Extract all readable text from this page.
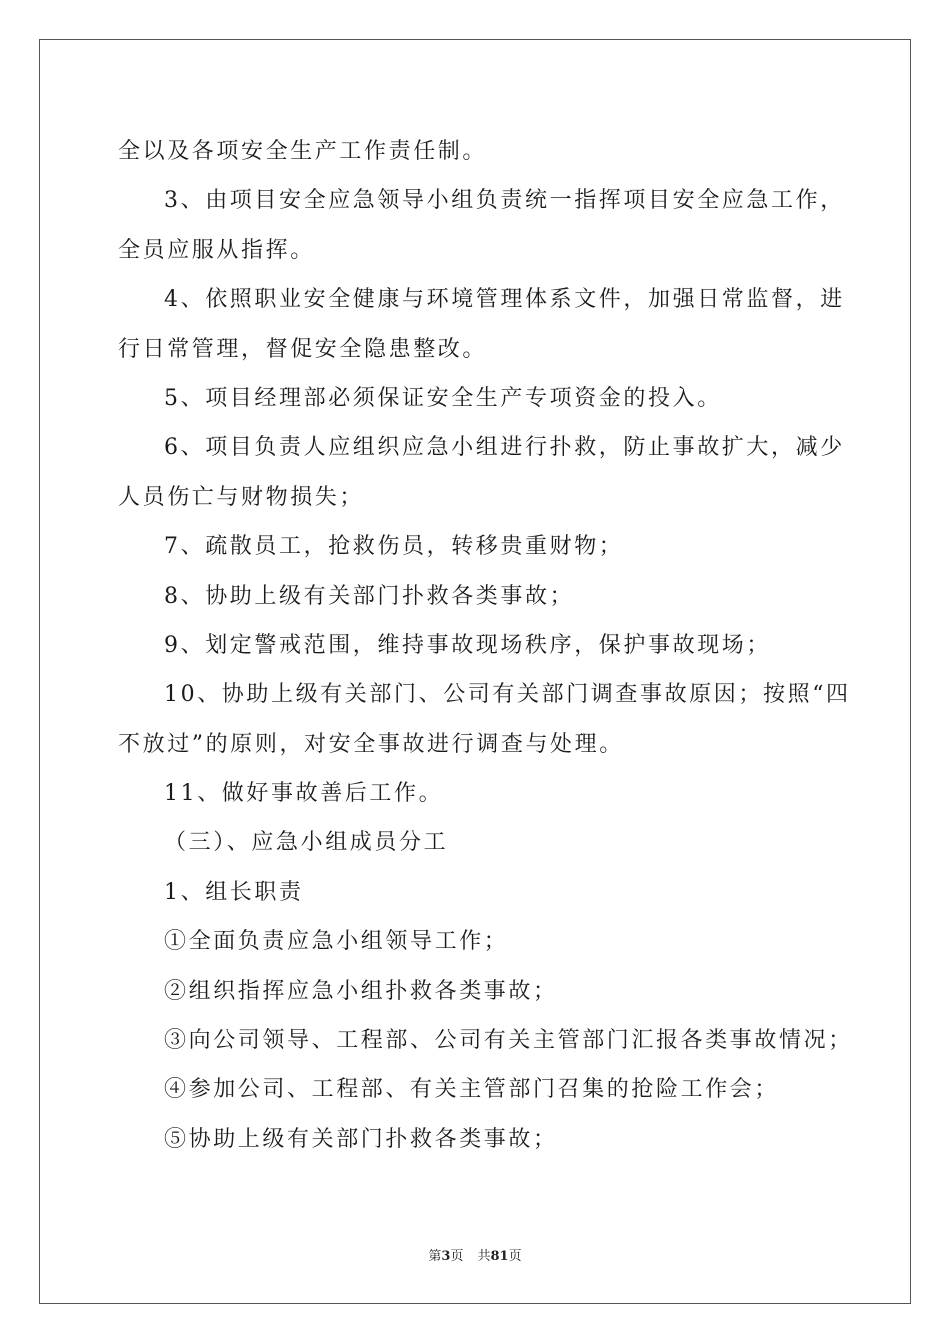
全以及各项安全生产工作责任制。
3、由项目安全应急领导小组负责统一指挥项目安全应急工作，
全员应服从指挥。
4、依照职业安全健康与环境管理体系文件，加强日常监督，进
行日常管理，督促安全隐患整改。
5、项目经理部必须保证安全生产专项资金的投入。
6、项目负责人应组织应急小组进行扑救，防止事故扩大，减少
人员伤亡与财物损失；
7、疏散员工，抢救伤员，转移贵重财物；
8、协助上级有关部门扑救各类事故；
9、划定警戒范围，维持事故现场秩序，保护事故现场；
10、协助上级有关部门、公司有关部门调查事故原因；按照“四
不放过”的原则，对安全事故进行调查与处理。
11、做好事故善后工作。
（三）、应急小组成员分工
1、组长职责
①全面负责应急小组领导工作；
②组织指挥应急小组扑救各类事故；
③向公司领导、工程部、公司有关主管部门汇报各类事故情况；
④参加公司、工程部、有关主管部门召集的抢险工作会；
⑤协助上级有关部门扑救各类事故；
第3页 共81页
